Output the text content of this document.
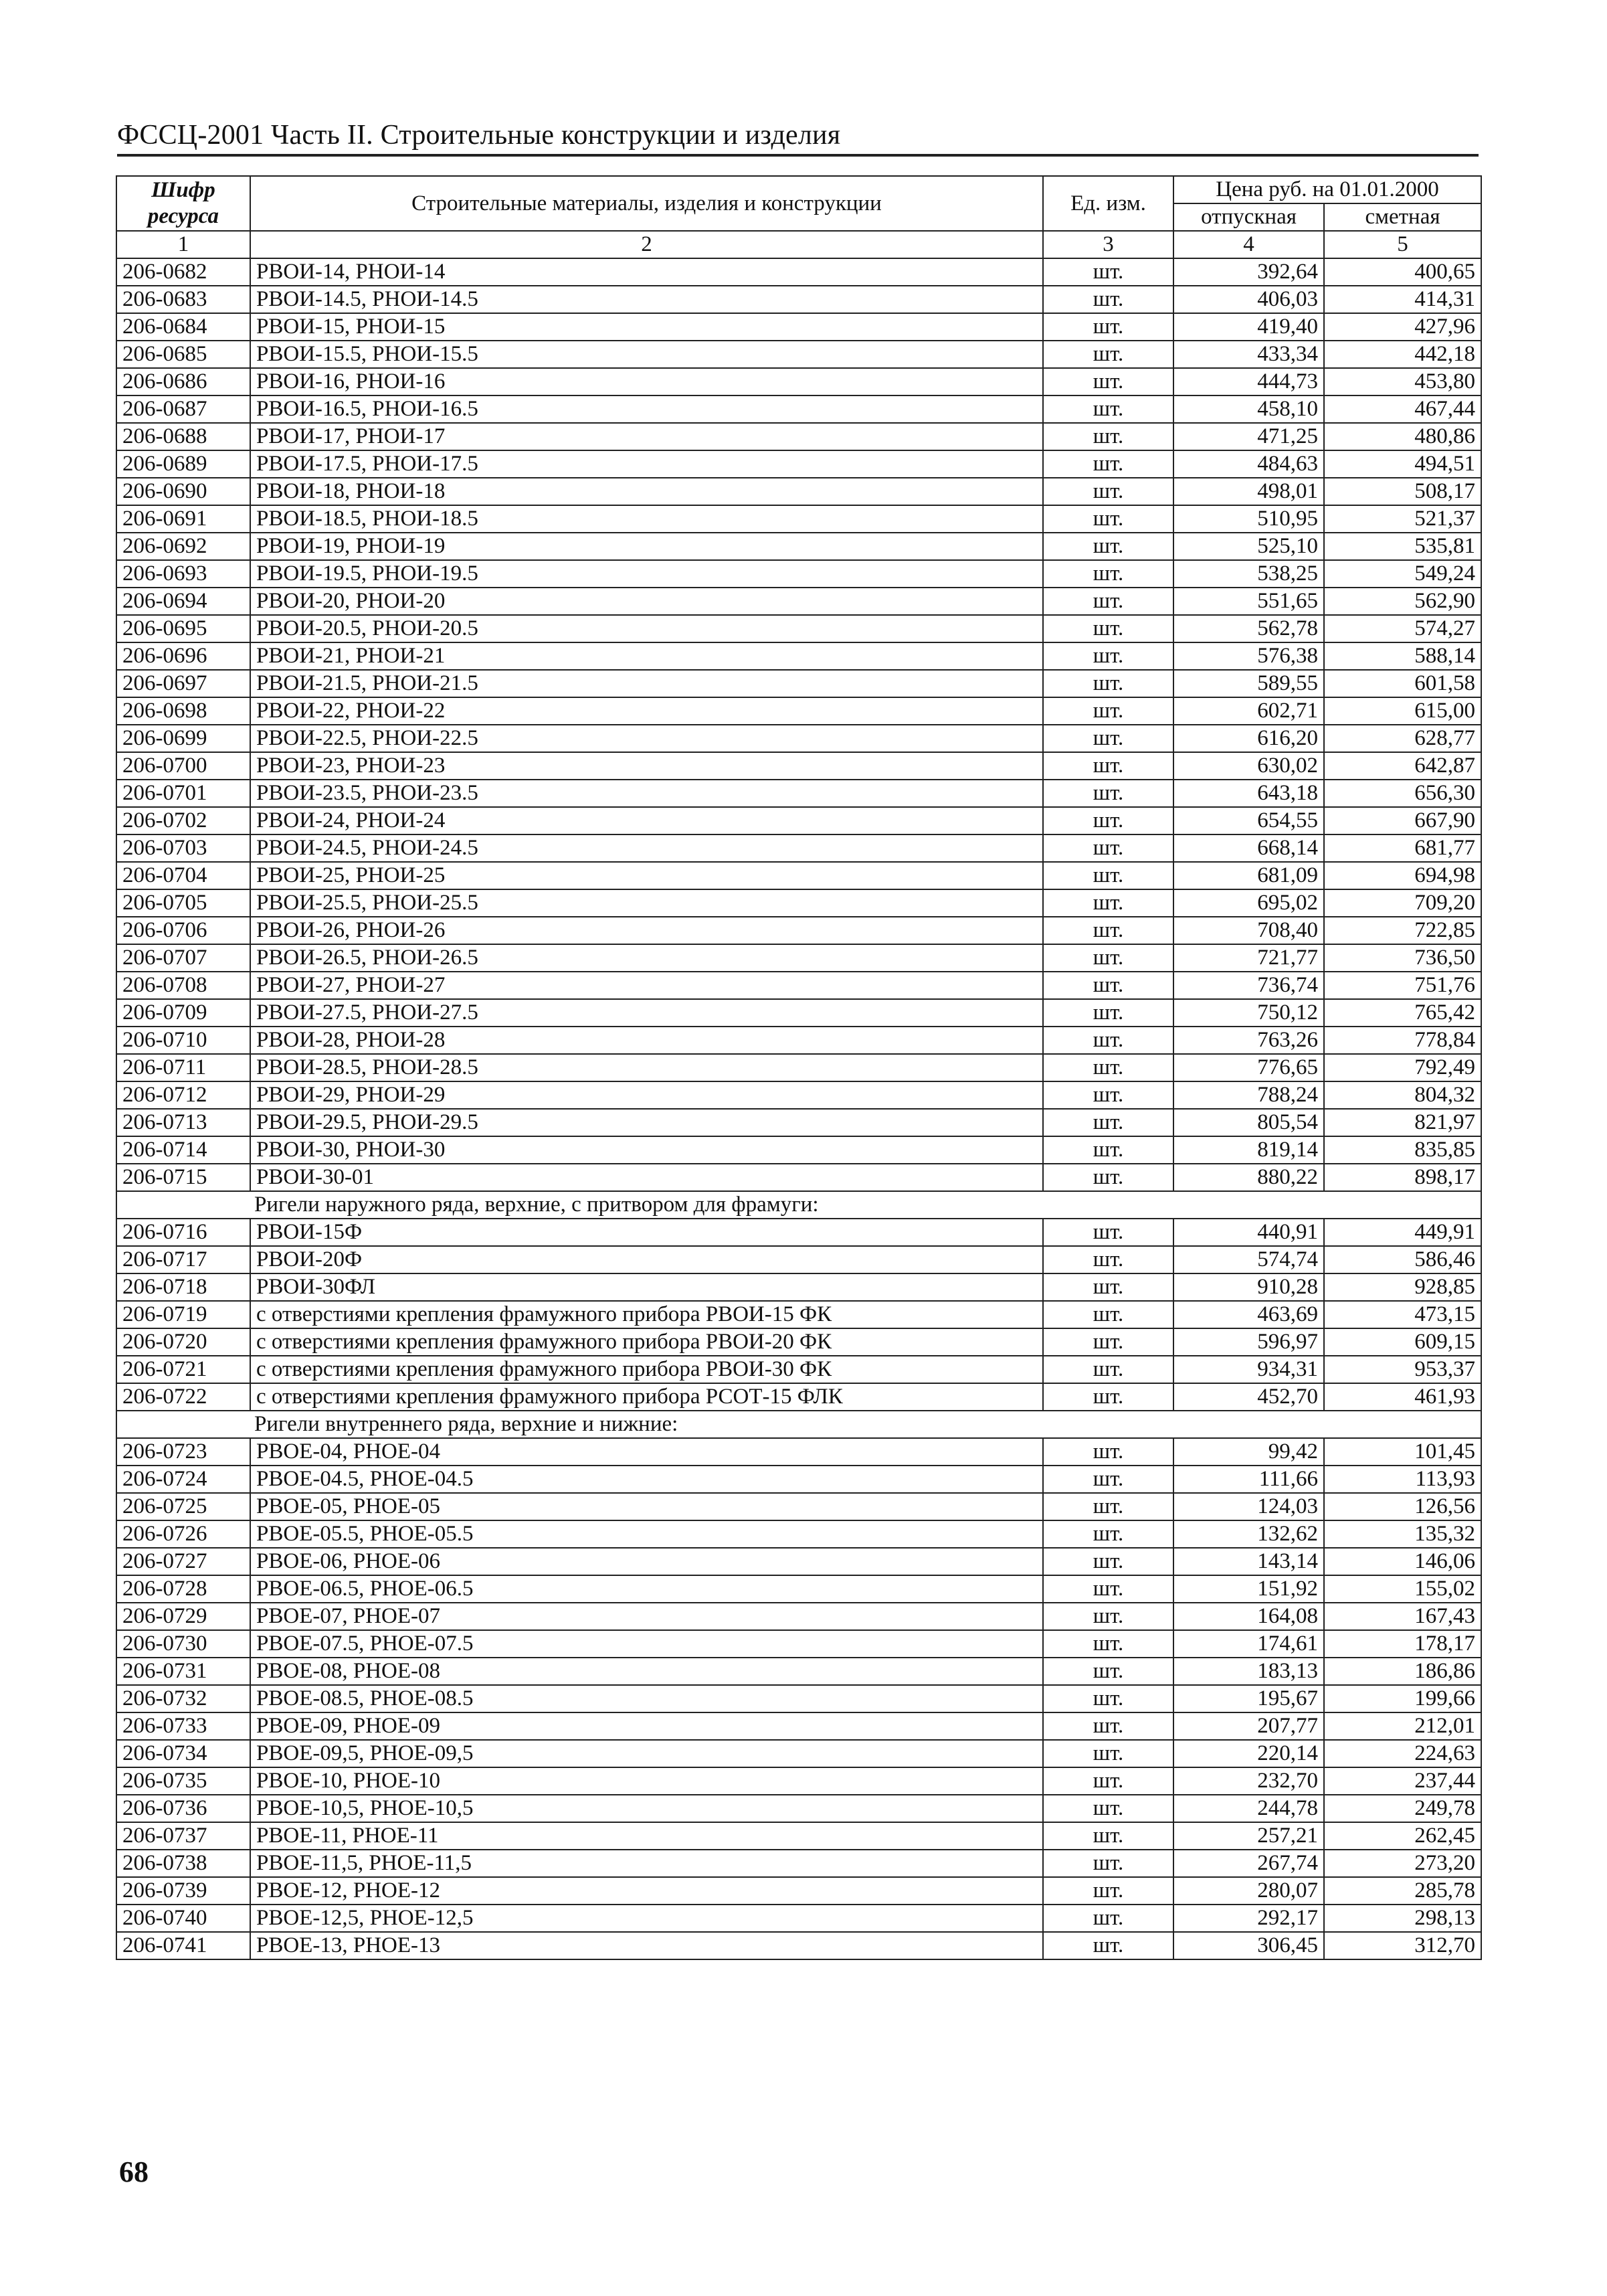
ФССЦ-2001 Часть II. Строительные конструкции и изделия
Шифр ресурса	Строительные материалы, изделия и конструкции	Ед. изм.	Цена руб. на 01.01.2000	
			отпускная	сметная
1	2	3	4	5
206-0682	РВОИ-14, РНОИ-14	шт.	392,64	400,65
206-0683	РВОИ-14.5, РНОИ-14.5	шт.	406,03	414,31
206-0684	РВОИ-15, РНОИ-15	шт.	419,40	427,96
206-0685	РВОИ-15.5, РНОИ-15.5	шт.	433,34	442,18
206-0686	РВОИ-16, РНОИ-16	шт.	444,73	453,80
206-0687	РВОИ-16.5, РНОИ-16.5	шт.	458,10	467,44
206-0688	РВОИ-17, РНОИ-17	шт.	471,25	480,86
206-0689	РВОИ-17.5, РНОИ-17.5	шт.	484,63	494,51
206-0690	РВОИ-18, РНОИ-18	шт.	498,01	508,17
206-0691	РВОИ-18.5, РНОИ-18.5	шт.	510,95	521,37
206-0692	РВОИ-19, РНОИ-19	шт.	525,10	535,81
206-0693	РВОИ-19.5, РНОИ-19.5	шт.	538,25	549,24
206-0694	РВОИ-20, РНОИ-20	шт.	551,65	562,90
206-0695	РВОИ-20.5, РНОИ-20.5	шт.	562,78	574,27
206-0696	РВОИ-21, РНОИ-21	шт.	576,38	588,14
206-0697	РВОИ-21.5, РНОИ-21.5	шт.	589,55	601,58
206-0698	РВОИ-22, РНОИ-22	шт.	602,71	615,00
206-0699	РВОИ-22.5, РНОИ-22.5	шт.	616,20	628,77
206-0700	РВОИ-23, РНОИ-23	шт.	630,02	642,87
206-0701	РВОИ-23.5, РНОИ-23.5	шт.	643,18	656,30
206-0702	РВОИ-24, РНОИ-24	шт.	654,55	667,90
206-0703	РВОИ-24.5, РНОИ-24.5	шт.	668,14	681,77
206-0704	РВОИ-25, РНОИ-25	шт.	681,09	694,98
206-0705	РВОИ-25.5, РНОИ-25.5	шт.	695,02	709,20
206-0706	РВОИ-26, РНОИ-26	шт.	708,40	722,85
206-0707	РВОИ-26.5, РНОИ-26.5	шт.	721,77	736,50
206-0708	РВОИ-27, РНОИ-27	шт.	736,74	751,76
206-0709	РВОИ-27.5, РНОИ-27.5	шт.	750,12	765,42
206-0710	РВОИ-28, РНОИ-28	шт.	763,26	778,84
206-0711	РВОИ-28.5, РНОИ-28.5	шт.	776,65	792,49
206-0712	РВОИ-29, РНОИ-29	шт.	788,24	804,32
206-0713	РВОИ-29.5, РНОИ-29.5	шт.	805,54	821,97
206-0714	РВОИ-30, РНОИ-30	шт.	819,14	835,85
206-0715	РВОИ-30-01	шт.	880,22	898,17
Ригели наружного ряда, верхние, с притвором для фрамуги:				
206-0716	РВОИ-15Ф	шт.	440,91	449,91
206-0717	РВОИ-20Ф	шт.	574,74	586,46
206-0718	РВОИ-30ФЛ	шт.	910,28	928,85
206-0719	с отверстиями крепления фрамужного прибора РВОИ-15 ФК	шт.	463,69	473,15
206-0720	с отверстиями крепления фрамужного прибора РВОИ-20 ФК	шт.	596,97	609,15
206-0721	с отверстиями крепления фрамужного прибора РВОИ-30 ФК	шт.	934,31	953,37
206-0722	с отверстиями крепления фрамужного прибора РСОТ-15 ФЛК	шт.	452,70	461,93
Ригели внутреннего ряда, верхние и нижние:				
206-0723	РВОЕ-04, РНОЕ-04	шт.	99,42	101,45
206-0724	РВОЕ-04.5, РНОЕ-04.5	шт.	111,66	113,93
206-0725	РВОЕ-05, РНОЕ-05	шт.	124,03	126,56
206-0726	РВОЕ-05.5, РНОЕ-05.5	шт.	132,62	135,32
206-0727	РВОЕ-06, РНОЕ-06	шт.	143,14	146,06
206-0728	РВОЕ-06.5, РНОЕ-06.5	шт.	151,92	155,02
206-0729	РВОЕ-07, РНОЕ-07	шт.	164,08	167,43
206-0730	РВОЕ-07.5, РНОЕ-07.5	шт.	174,61	178,17
206-0731	РВОЕ-08, РНОЕ-08	шт.	183,13	186,86
206-0732	РВОЕ-08.5, РНОЕ-08.5	шт.	195,67	199,66
206-0733	РВОЕ-09, РНОЕ-09	шт.	207,77	212,01
206-0734	РВОЕ-09,5, РНОЕ-09,5	шт.	220,14	224,63
206-0735	РВОЕ-10, РНОЕ-10	шт.	232,70	237,44
206-0736	РВОЕ-10,5, РНОЕ-10,5	шт.	244,78	249,78
206-0737	РВОЕ-11, РНОЕ-11	шт.	257,21	262,45
206-0738	РВОЕ-11,5, РНОЕ-11,5	шт.	267,74	273,20
206-0739	РВОЕ-12, РНОЕ-12	шт.	280,07	285,78
206-0740	РВОЕ-12,5, РНОЕ-12,5	шт.	292,17	298,13
206-0741	РВОЕ-13, РНОЕ-13	шт.	306,45	312,70
68
